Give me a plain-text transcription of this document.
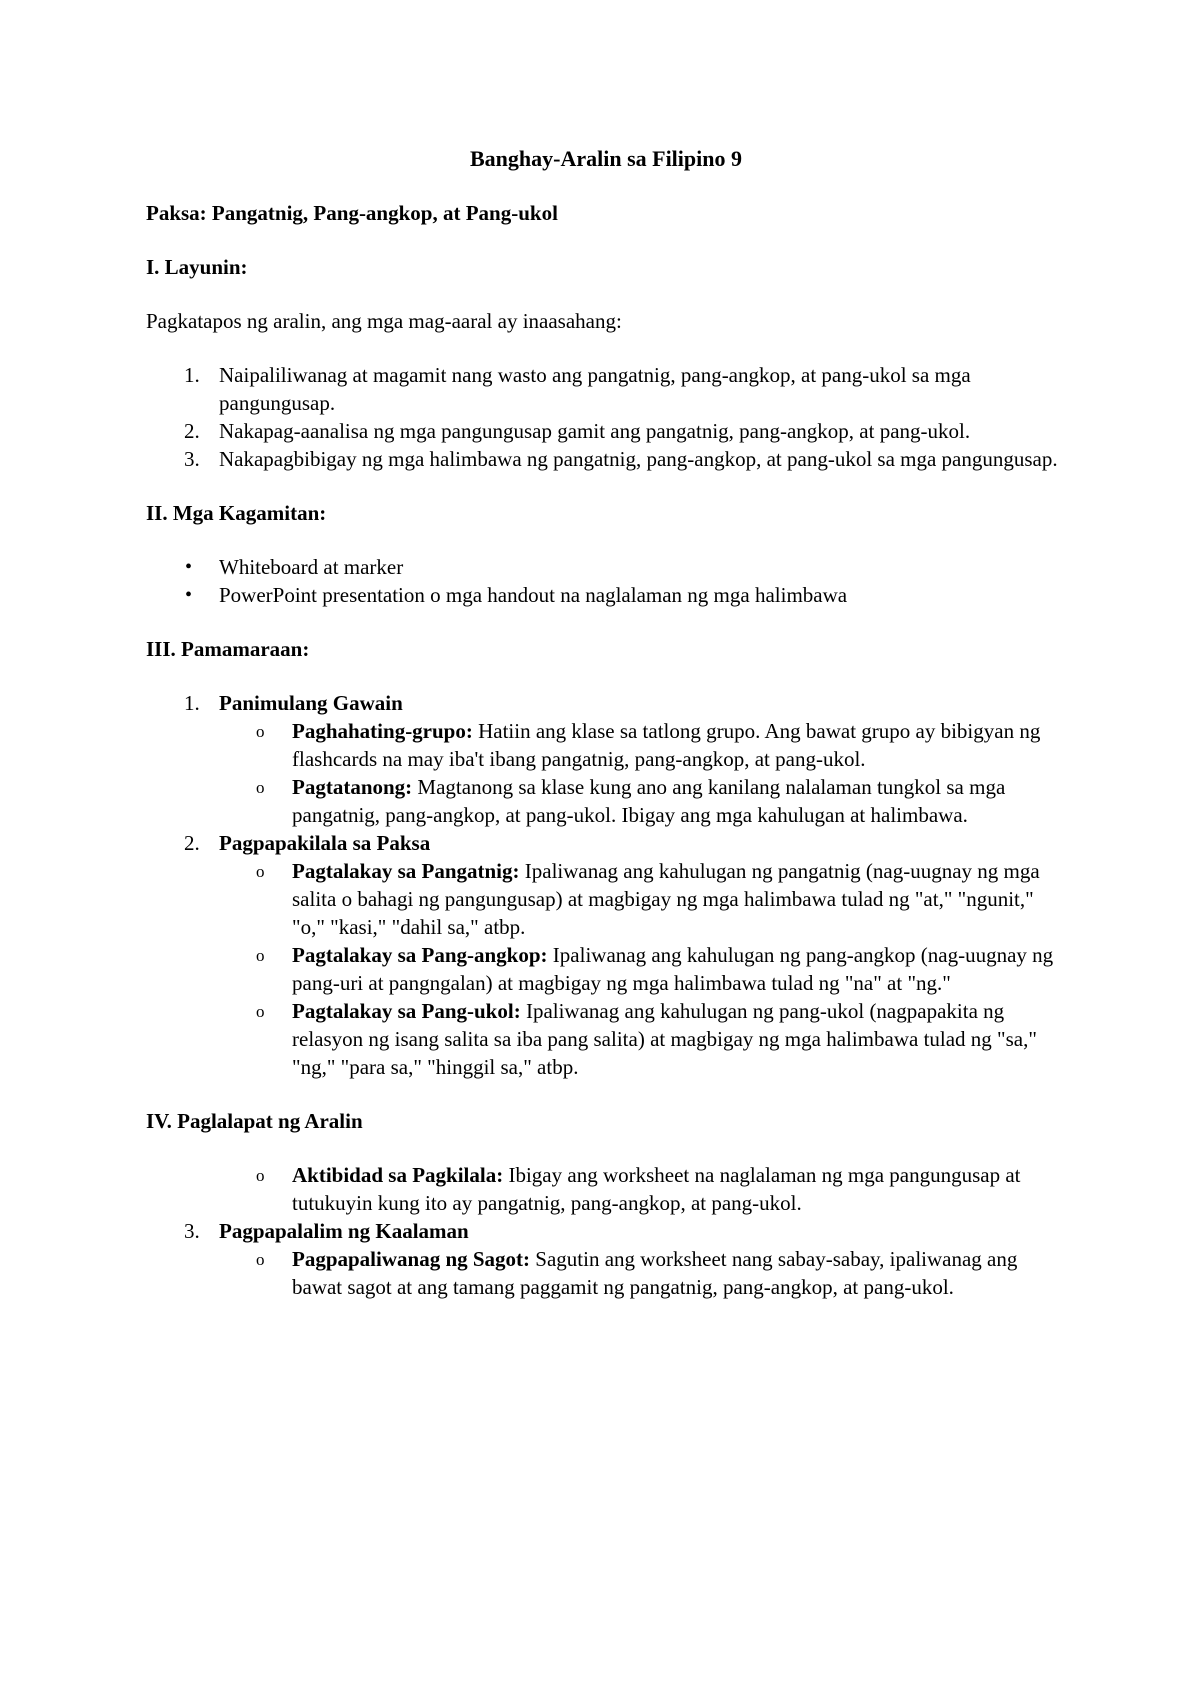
Banghay-Aralin sa Filipino 9

Paksa: Pangatnig, Pang-angkop, at Pang-ukol

I. Layunin:

Pagkatapos ng aralin, ang mga mag-aaral ay inaasahang:

1. Naipaliliwanag at magamit nang wasto ang pangatnig, pang-angkop, at pang-ukol sa mga pangungusap.
2. Nakapag-aanalisa ng mga pangungusap gamit ang pangatnig, pang-angkop, at pang-ukol.
3. Nakapagbibigay ng mga halimbawa ng pangatnig, pang-angkop, at pang-ukol sa mga pangungusap.

II. Mga Kagamitan:

• Whiteboard at marker
• PowerPoint presentation o mga handout na naglalaman ng mga halimbawa

III. Pamamaraan:

1. Panimulang Gawain
o Paghahating-grupo: Hatiin ang klase sa tatlong grupo. Ang bawat grupo ay bibigyan ng flashcards na may iba't ibang pangatnig, pang-angkop, at pang-ukol.
o Pagtatanong: Magtanong sa klase kung ano ang kanilang nalalaman tungkol sa mga pangatnig, pang-angkop, at pang-ukol. Ibigay ang mga kahulugan at halimbawa.
2. Pagpapakilala sa Paksa
o Pagtalakay sa Pangatnig: Ipaliwanag ang kahulugan ng pangatnig (nag-uugnay ng mga salita o bahagi ng pangungusap) at magbigay ng mga halimbawa tulad ng "at," "ngunit," "o," "kasi," "dahil sa," atbp.
o Pagtalakay sa Pang-angkop: Ipaliwanag ang kahulugan ng pang-angkop (nag-uugnay ng pang-uri at pangngalan) at magbigay ng mga halimbawa tulad ng "na" at "ng."
o Pagtalakay sa Pang-ukol: Ipaliwanag ang kahulugan ng pang-ukol (nagpapakita ng relasyon ng isang salita sa iba pang salita) at magbigay ng mga halimbawa tulad ng "sa," "ng," "para sa," "hinggil sa," atbp.

IV. Paglalapat ng Aralin

o Aktibidad sa Pagkilala: Ibigay ang worksheet na naglalaman ng mga pangungusap at tutukuyin kung ito ay pangatnig, pang-angkop, at pang-ukol.
3. Pagpapalalim ng Kaalaman
o Pagpapaliwanag ng Sagot: Sagutin ang worksheet nang sabay-sabay, ipaliwanag ang bawat sagot at ang tamang paggamit ng pangatnig, pang-angkop, at pang-ukol.
